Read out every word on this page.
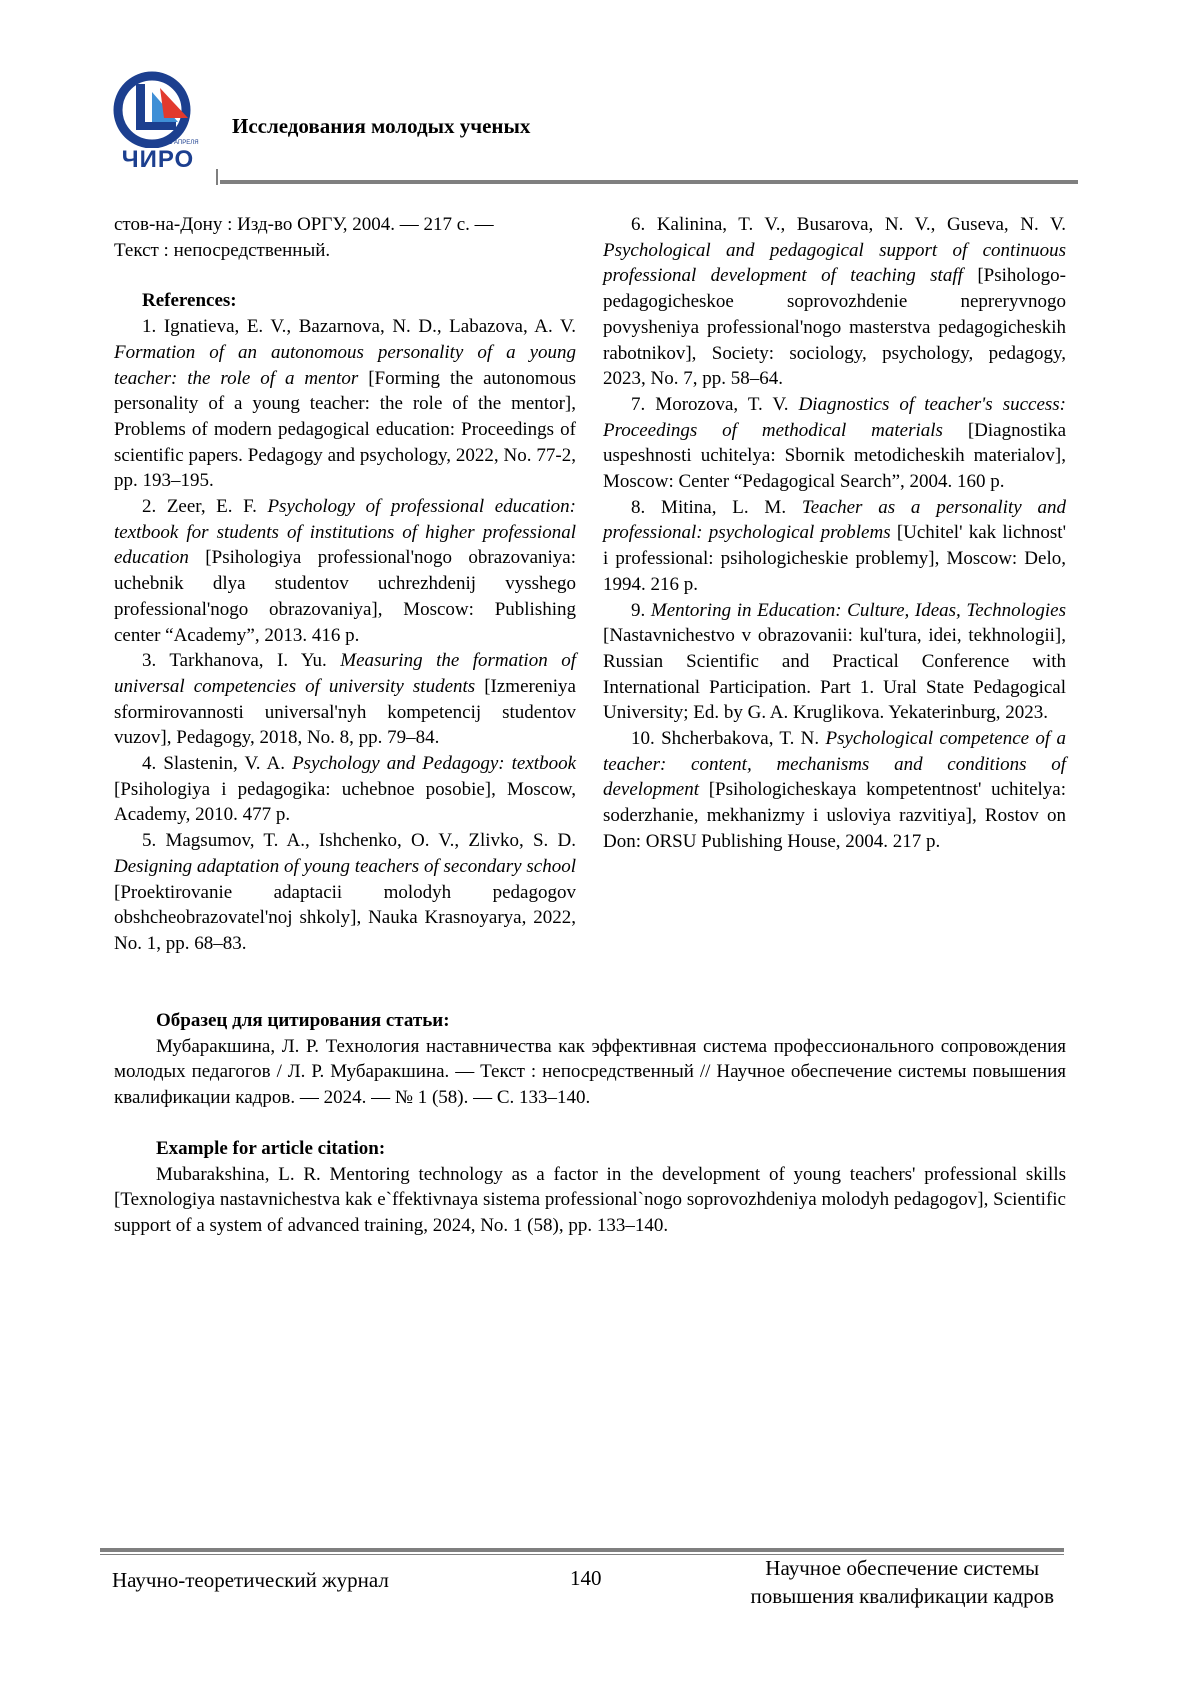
1 АПРЕЛЯ
ЧИРО
Исследования молодых ученых

стов-на-Дону : Изд-во ОРГУ, 2004. — 217 с. —

Текст : непосредственный.

References:

1. Ignatieva, E. V., Bazarnova, N. D., Labazova, A. V. Formation of an autonomous personality of a young teacher: the role of a mentor [Forming the autonomous personality of a young teacher: the role of the mentor], Problems of modern pedagogical education: Proceedings of scientific papers. Pedagogy and psychology, 2022, No. 77-2, pp. 193–195.

2. Zeer, E. F. Psychology of professional education: textbook for students of institutions of higher professional education [Psihologiya professional'nogo obrazovaniya: uchebnik dlya studentov uchrezhdenij vysshego professional'nogo obrazovaniya], Moscow: Publishing center “Academy”, 2013. 416 p.

3. Tarkhanova, I. Yu. Measuring the formation of universal competencies of university students [Izmereniya sformirovannosti universal'nyh kompetencij studentov vuzov], Pedagogy, 2018, No. 8, pp. 79–84.

4. Slastenin, V. A. Psychology and Pedagogy: textbook [Psihologiya i pedagogika: uchebnoe posobie], Moscow, Academy, 2010. 477 p.

5. Magsumov, T. A., Ishchenko, O. V., Zlivko, S. D. Designing adaptation of young teachers of secondary school [Proektirovanie adaptacii molodyh pedagogov obshcheobrazovatel'noj shkoly], Nauka Krasnoyarya, 2022, No. 1, pp. 68–83.

6. Kalinina, T. V., Busarova, N. V., Guseva, N. V. Psychological and pedagogical support of continuous professional development of teaching staff [Psihologo-pedagogicheskoe soprovozhdenie nepreryvnogo povysheniya professional'nogo masterstva pedagogicheskih rabotnikov], Society: sociology, psychology, pedagogy, 2023, No. 7, pp. 58–64.

7. Morozova, T. V. Diagnostics of teacher's success: Proceedings of methodical materials [Diagnostika uspeshnosti uchitelya: Sbornik metodicheskih materialov], Moscow: Center “Pedagogical Search”, 2004. 160 p.

8. Mitina, L. M. Teacher as a personality and professional: psychological problems [Uchitel' kak lichnost' i professional: psihologicheskie problemy], Moscow: Delo, 1994. 216 p.

9. Mentoring in Education: Culture, Ideas, Technologies [Nastavnichestvo v obrazovanii: kul'tura, idei, tekhnologii], Russian Scientific and Practical Conference with International Participation. Part 1. Ural State Pedagogical University; Ed. by G. A. Kruglikova. Yekaterinburg, 2023.

10. Shcherbakova, T. N. Psychological competence of a teacher: content, mechanisms and conditions of development [Psihologicheskaya kompetentnost' uchitelya: soderzhanie, mekhanizmy i usloviya razvitiya], Rostov on Don: ORSU Publishing House, 2004. 217 p.

Образец для цитирования статьи:

Мубаракшина, Л. Р. Технология наставничества как эффективная система профессионального сопровождения молодых педагогов / Л. Р. Мубаракшина. — Текст : непосредственный // Научное обеспечение системы повышения квалификации кадров. — 2024. — № 1 (58). — С. 133–140.

Example for article citation:

Mubarakshina, L. R. Mentoring technology as a factor in the development of young teachers' professional skills [Texnologiya nastavnichestva kak e`ffektivnaya sistema professional`nogo soprovozhdeniya molodyh pedagogov], Scientific support of a system of advanced training, 2024, No. 1 (58), pp. 133–140.

Научно-теоретический журнал	140	Научное обеспечение системы
повышения квалификации кадров
